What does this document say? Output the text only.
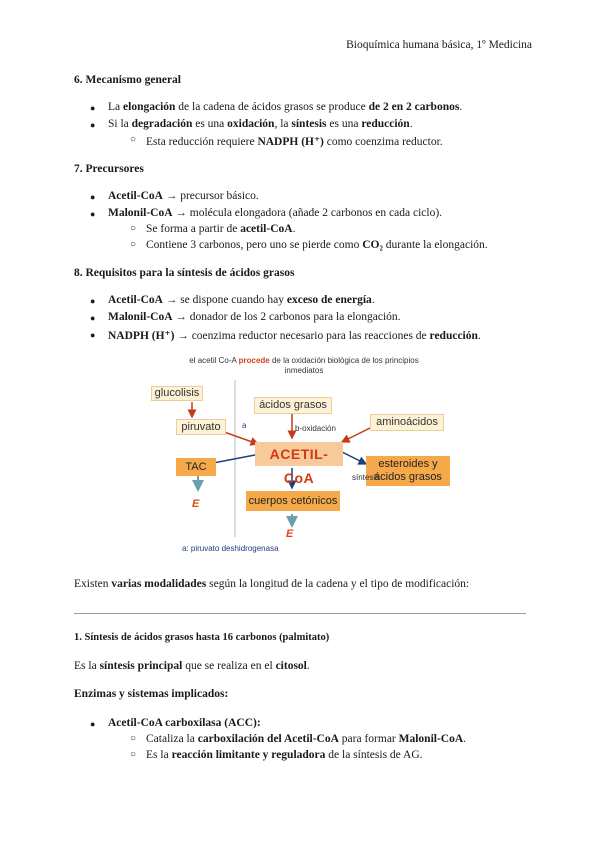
Bioquímica humana básica, 1º Medicina
6. Mecanismo general
● La elongación de la cadena de ácidos grasos se produce de 2 en 2 carbonos.
● Si la degradación es una oxidación, la síntesis es una reducción.
○ Esta reducción requiere NADPH (H⁺) como coenzima reductor.
7. Precursores
● Acetil-CoA → precursor básico.
● Malonil-CoA → molécula elongadora (añade 2 carbonos en cada ciclo).
○ Se forma a partir de acetil-CoA.
○ Contiene 3 carbonos, pero uno se pierde como CO₂ durante la elongación.
8. Requisitos para la síntesis de ácidos grasos
● Acetil-CoA → se dispone cuando hay exceso de energía.
● Malonil-CoA → donador de los 2 carbonos para la elongación.
● NADPH (H⁺) → coenzima reductor necesario para las reacciones de reducción.
el acetil Co-A procede de la oxidación biológica de los principios
inmediatos
glucolisis
piruvato
ácidos grasos
aminoácidos
ACETIL-CoA
TAC	esteroides y ácidos grasos
cuerpos cetónicos
E
E
a	b-oxidación
síntesis
a: piruvato deshidrogenasa
Existen varias modalidades según la longitud de la cadena y el tipo de modificación:
1. Síntesis de ácidos grasos hasta 16 carbonos (palmitato)
Es la síntesis principal que se realiza en el citosol.
Enzimas y sistemas implicados:
● Acetil-CoA carboxilasa (ACC):
○ Cataliza la carboxilación del Acetil-CoA para formar Malonil-CoA.
○ Es la reacción limitante y reguladora de la síntesis de AG.
